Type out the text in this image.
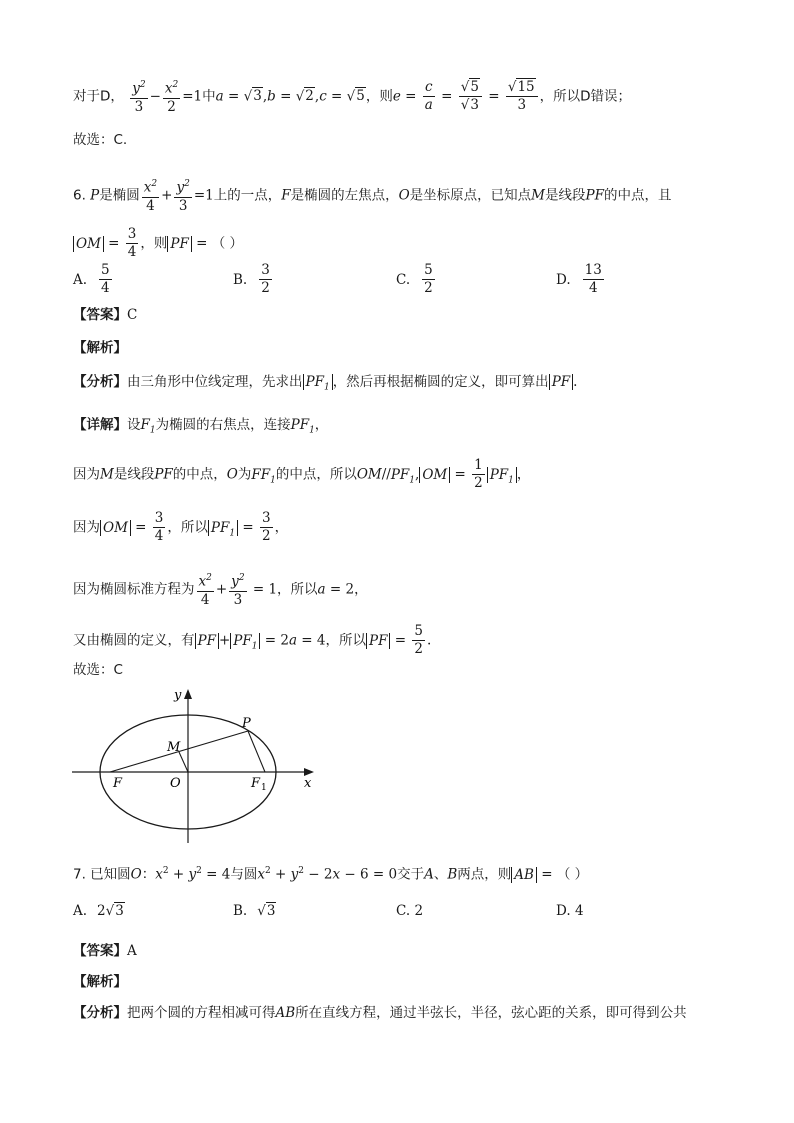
对于D， $\frac{y^2}{3} - \frac{x^2}{2} =1$中a = √3,b = √2,c = √5，则$e = \frac{c}{a} = \frac{√5}{√3} = \frac{√15}{3}$ ，所以D错误；
故选：C.
6. P是椭圆 $\frac{x^2}{4} + \frac{y^2}{3} =1$上的一点，F是椭圆的左焦点，O是坐标原点，已知点M是线段PF的中点，且
OM = $\frac{3}{4}$ ，则 PF = （ ）
A. $\frac{5}{4}$	B. $\frac{3}{2}$	C. $\frac{5}{2}$	D. $\frac{13}{4}$
【答案】C
【解析】
【分析】由三角形中位线定理，先求出 $PF_1$ ，然后再根据椭圆的定义，即可算出 PF .
【详解】设$F_1$为椭圆的右焦点，连接$PF_1$，
因为M是线段PF的中点，O为$FF_1$的中点，所以$OM//PF_1$, OM = $\frac{1}{2} PF_1$ ，
因为 OM = $\frac{3}{4}$ ，所以 $PF_1 = \frac{3}{2}$ ，
因为椭圆标准方程为 $\frac{x^2}{4} + \frac{y^2}{3} = 1$，所以a = 2，
又由椭圆的定义，有 PF + $PF_1 = 2a = 4$，所以 PF = $\frac{5}{2}$ .
故选：C
y
x
P
M
F	O	F 1
7. 已知圆O：$x^2 + y^2 = 4$与圆$x^2 + y^2 - 2x - 6 = 0$交于A、B两点，则 AB = （ ）
A. 2√3	B. √3	C. 2	D. 4
【答案】A
【解析】
【分析】把两个圆的方程相减可得AB所在直线方程，通过半弦长，半径，弦心距的关系，即可得到公共
